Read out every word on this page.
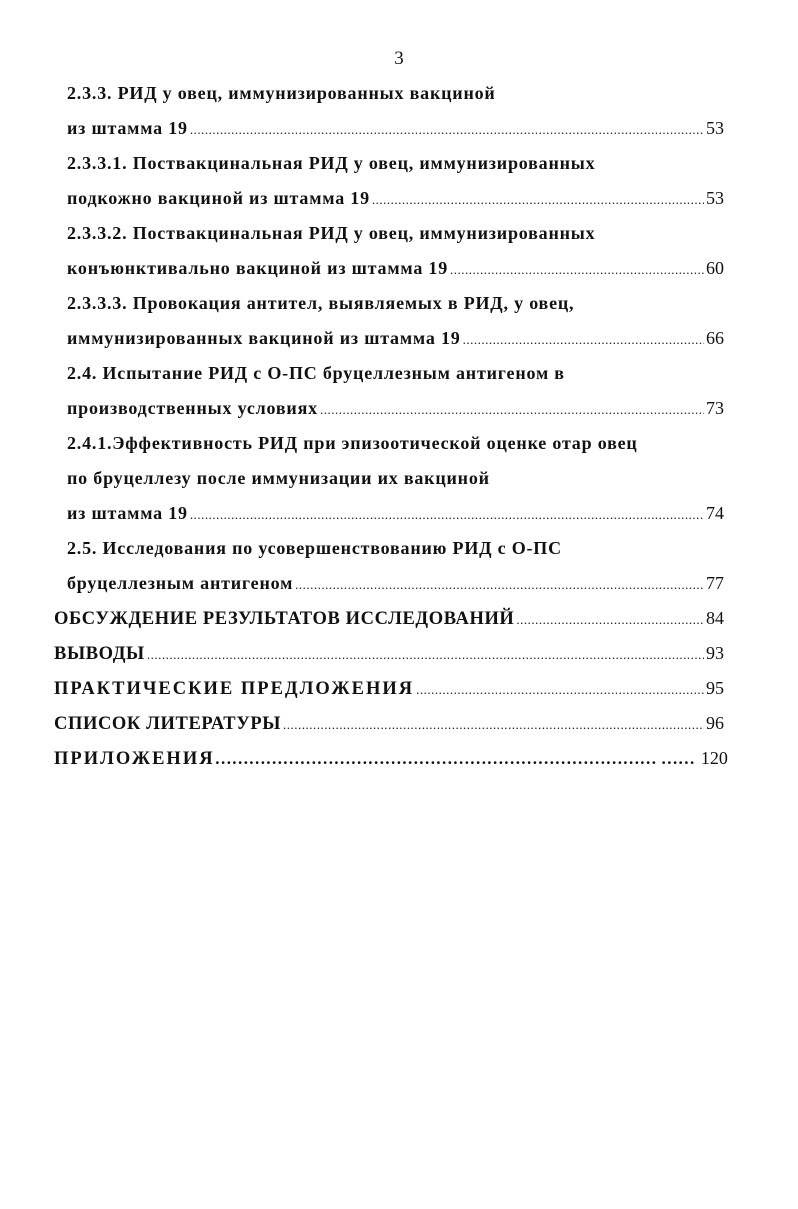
3
2.3.3. РИД у овец, иммунизированных вакциной
из штамма 19 .....	53
2.3.3.1. Поствакцинальная РИД у овец, иммунизированных
подкожно вакциной из штамма 19 .....	53
2.3.3.2. Поствакцинальная РИД у овец, иммунизированных
конъюнктивально вакциной из штамма 19 .....	60
2.3.3.3. Провокация антител, выявляемых в РИД, у овец,
иммунизированных вакциной из штамма 19 .....	66
2.4. Испытание РИД с О-ПС бруцеллезным антигеном в
производственных условиях .....	73
2.4.1.Эффективность РИД при эпизоотической оценке отар овец
по бруцеллезу после иммунизации их вакциной
из штамма 19 .....	74
2.5. Исследования по усовершенствованию РИД с О-ПС
бруцеллезным антигеном .....	77
ОБСУЖДЕНИЕ РЕЗУЛЬТАТОВ ИССЛЕДОВАНИЙ .....	84
ВЫВОДЫ .....	93
ПРАКТИЧЕСКИЕ ПРЕДЛОЖЕНИЯ .....	95
СПИСОК ЛИТЕРАТУРЫ .....	96
ПРИЛОЖЕНИЯ …………………………………………………………………… ……	120
